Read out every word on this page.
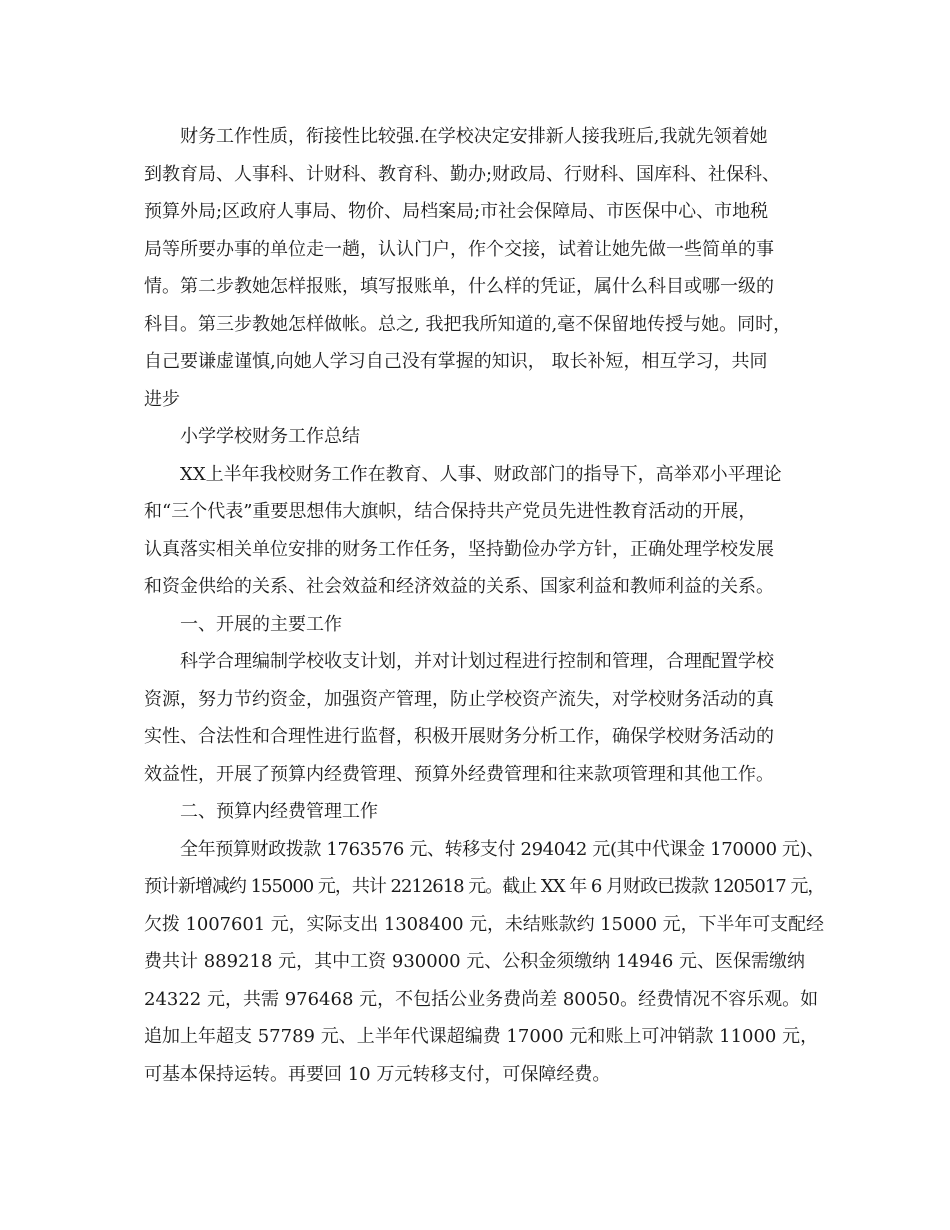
财务工作性质，衔接性比较强.在学校决定安排新人接我班后,我就先领着她
到教育局、人事科、计财科、教育科、勤办;财政局、行财科、国库科、社保科、
预算外局;区政府人事局、物价、局档案局;市社会保障局、市医保中心、市地税
局等所要办事的单位走一趟，认认门户，作个交接，试着让她先做一些简单的事
情。第二步教她怎样报账，填写报账单，什么样的凭证，属什么科目或哪一级的
科目。第三步教她怎样做帐。总之, 我把我所知道的,毫不保留地传授与她。同时，
自己要谦虚谨慎,向她人学习自己没有掌握的知识， 取长补短，相互学习，共同
进步
小学学校财务工作总结
XX上半年我校财务工作在教育、人事、财政部门的指导下，高举邓小平理论
和“三个代表”重要思想伟大旗帜，结合保持共产党员先进性教育活动的开展，
认真落实相关单位安排的财务工作任务，坚持勤俭办学方针，正确处理学校发展
和资金供给的关系、社会效益和经济效益的关系、国家利益和教师利益的关系。
一、开展的主要工作
科学合理编制学校收支计划，并对计划过程进行控制和管理，合理配置学校
资源，努力节约资金，加强资产管理，防止学校资产流失，对学校财务活动的真
实性、合法性和合理性进行监督，积极开展财务分析工作，确保学校财务活动的
效益性，开展了预算内经费管理、预算外经费管理和往来款项管理和其他工作。
二、预算内经费管理工作
全年预算财政拨款 1763576 元、转移支付 294042 元(其中代课金 170000 元)、
预计新增减约 155000 元，共计 2212618 元。截止 XX 年 6 月财政已拨款 1205017 元，
欠拨 1007601 元，实际支出 1308400 元，未结账款约 15000 元，下半年可支配经
费共计 889218 元，其中工资 930000 元、公积金须缴纳 14946 元、医保需缴纳
24322 元，共需 976468 元，不包括公业务费尚差 80050。经费情况不容乐观。如
追加上年超支 57789 元、上半年代课超编费 17000 元和账上可冲销款 11000 元，
可基本保持运转。再要回 10 万元转移支付，可保障经费。
